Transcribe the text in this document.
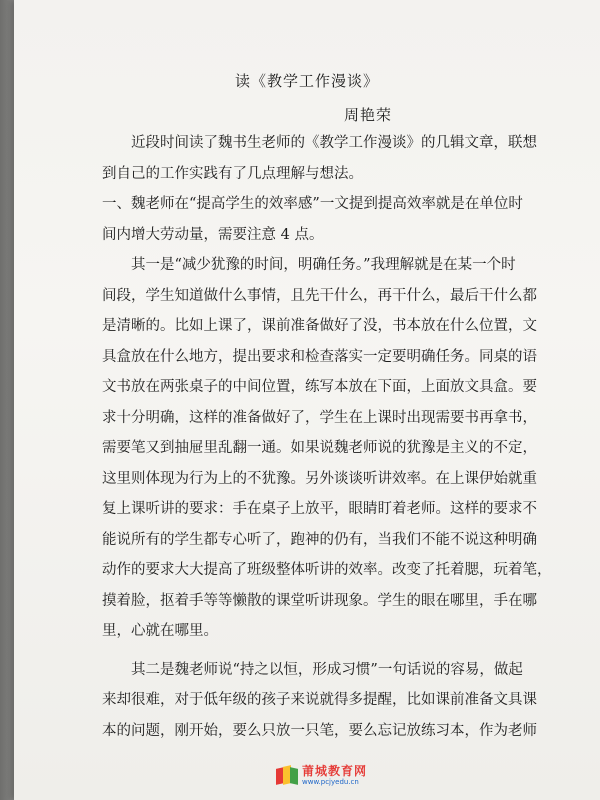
读《教学工作漫谈》
周艳荣
　　近段时间读了魏书生老师的《教学工作漫谈》的几辑文章，联想
到自己的工作实践有了几点理解与想法。
一、魏老师在“提高学生的效率感”一文提到提高效率就是在单位时
间内增大劳动量，需要注意 4 点。
　　其一是“减少犹豫的时间，明确任务。”我理解就是在某一个时
间段，学生知道做什么事情，且先干什么，再干什么，最后干什么都
是清晰的。比如上课了，课前准备做好了没，书本放在什么位置，文
具盒放在什么地方，提出要求和检查落实一定要明确任务。同桌的语
文书放在两张桌子的中间位置，练写本放在下面，上面放文具盒。要
求十分明确，这样的准备做好了，学生在上课时出现需要书再拿书，
需要笔又到抽屉里乱翻一通。如果说魏老师说的犹豫是主义的不定，
这里则体现为行为上的不犹豫。另外谈谈听讲效率。在上课伊始就重
复上课听讲的要求：手在桌子上放平，眼睛盯着老师。这样的要求不
能说所有的学生都专心听了，跑神的仍有，当我们不能不说这种明确
动作的要求大大提高了班级整体听讲的效率。改变了托着腮，玩着笔，
摸着脸，抠着手等等懒散的课堂听讲现象。学生的眼在哪里，手在哪
里，心就在哪里。
　　其二是魏老师说“持之以恒，形成习惯”一句话说的容易，做起
来却很难，对于低年级的孩子来说就得多提醒，比如课前准备文具课
本的问题，刚开始，要么只放一只笔，要么忘记放练习本，作为老师
莆城教育网
www.pcjyedu.cn
